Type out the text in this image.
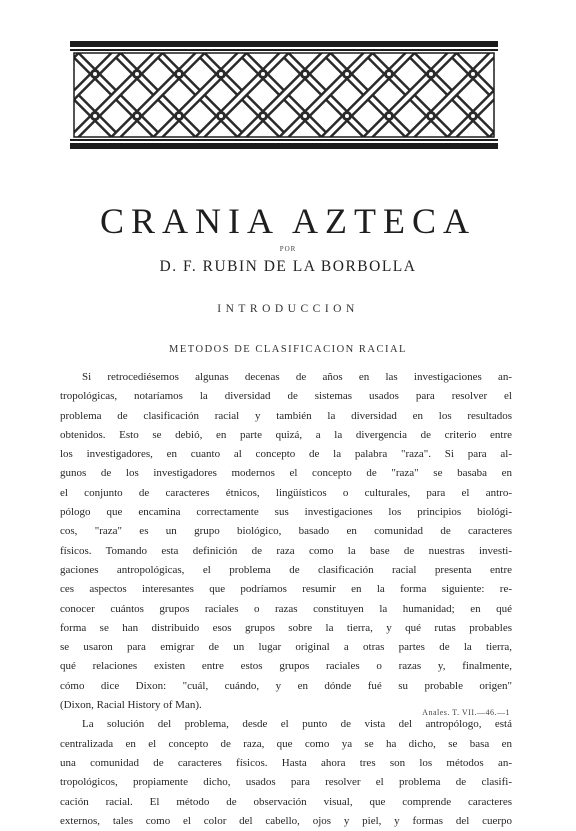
CRANIA AZTECA
POR
D. F. RUBIN DE LA BORBOLLA
INTRODUCCION
METODOS DE CLASIFICACION RACIAL

Si retrocediésemos algunas decenas de años en las investigaciones an-
tropológicas, notaríamos la diversidad de sistemas usados para resolver el
problema de clasificación racial y también la diversidad en los resultados
obtenidos. Esto se debió, en parte quizá, a la divergencia de criterio entre
los investigadores, en cuanto al concepto de la palabra "raza". Si para al-
gunos de los investigadores modernos el concepto de "raza" se basaba en
el conjunto de caracteres étnicos, lingüísticos o culturales, para el antro-
pólogo que encamina correctamente sus investigaciones los principios biológi-
cos, "raza" es un grupo biológico, basado en comunidad de caracteres
físicos. Tomando esta definición de raza como la base de nuestras investi-
gaciones antropológicas, el problema de clasificación racial presenta entre
ces aspectos interesantes que podríamos resumir en la forma siguiente: re-
conocer cuántos grupos raciales o razas constituyen la humanidad; en qué
forma se han distribuido esos grupos sobre la tierra, y qué rutas probables
se usaron para emigrar de un lugar original a otras partes de la tierra,
qué relaciones existen entre estos grupos raciales o razas y, finalmente,
cómo dice Dixon: "cuál, cuándo, y en dónde fué su probable origen"
(Dixon, Racial History of Man).

La solución del problema, desde el punto de vista del antropólogo, está
centralizada en el concepto de raza, que como ya se ha dicho, se basa en
una comunidad de caracteres físicos. Hasta ahora tres son los métodos an-
tropológicos, propiamente dicho, usados para resolver el problema de clasifi-
cación racial. El método de observación visual, que comprende caracteres
externos, tales como el color del cabello, ojos y piel, y formas del cuerpo

Anales. T. VII.—46.—1
